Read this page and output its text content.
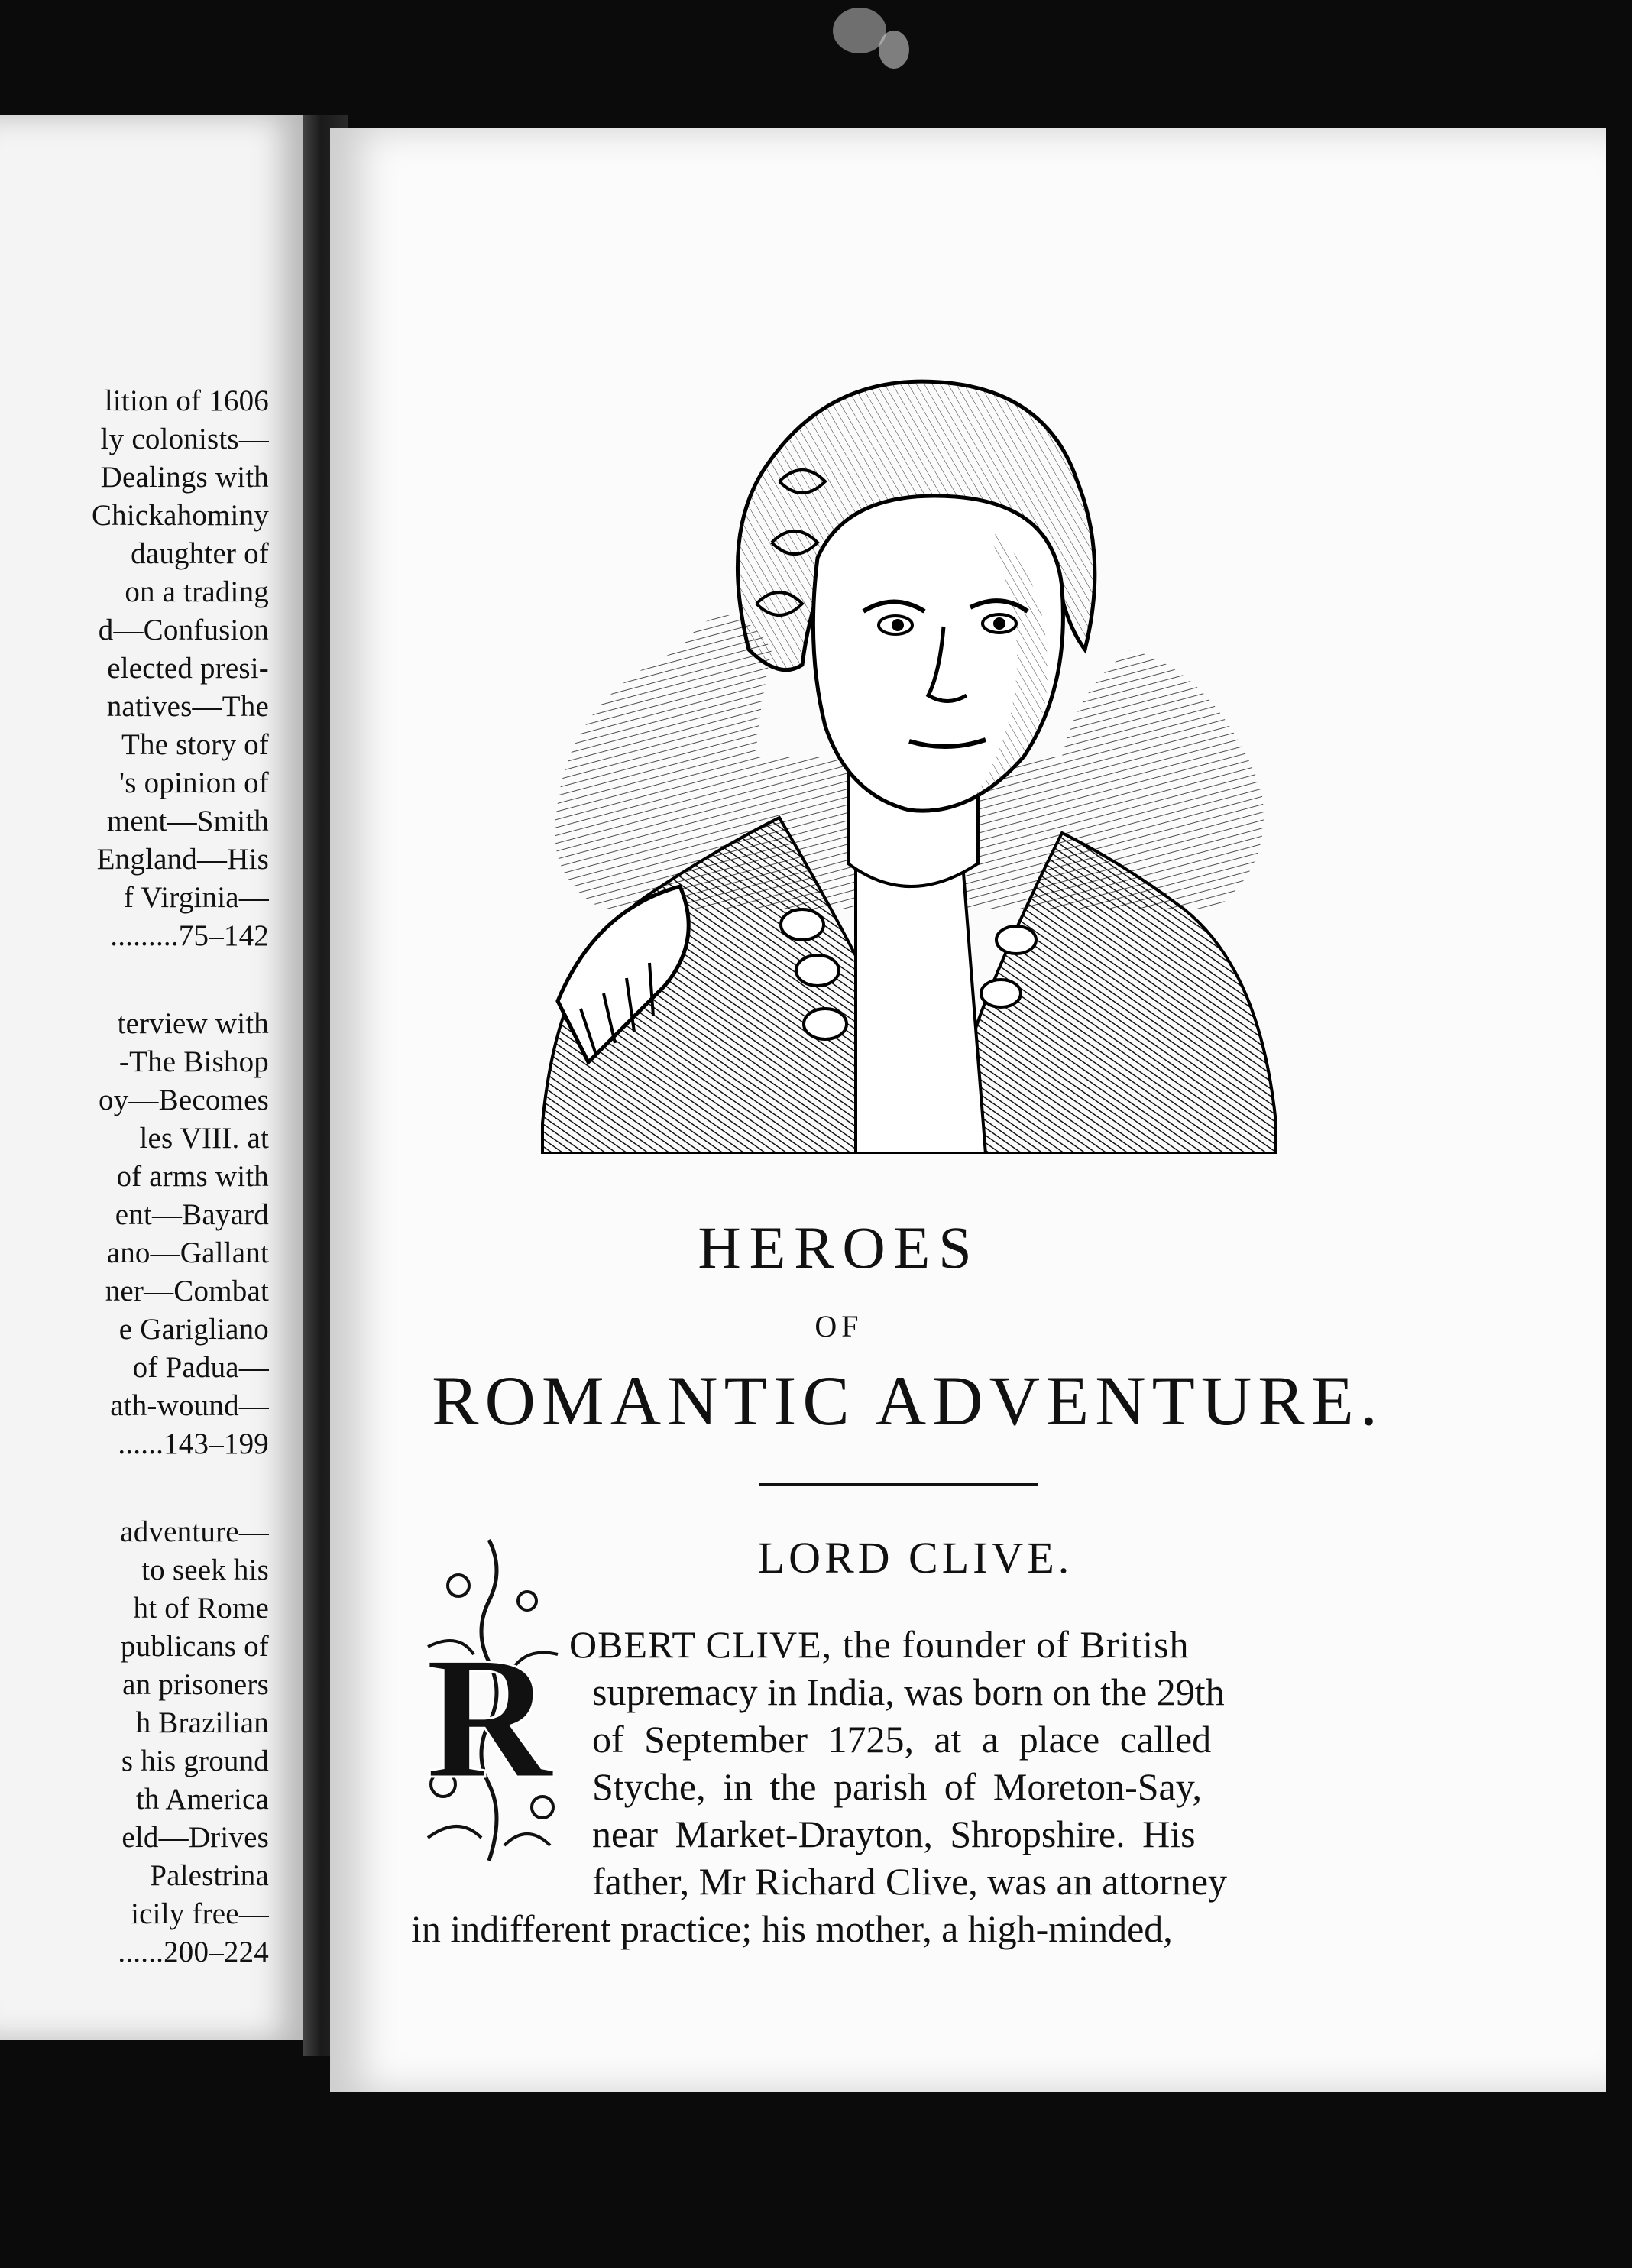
lition of 1606
ly colonists—
Dealings with
Chickahominy
daughter of
on a trading
d—Confusion
elected presi-
natives—The
The story of
's opinion of
ment—Smith
England—His
f Virginia—
.........75–142
terview with
-The Bishop
oy—Becomes
les VIII. at
of arms with
ent—Bayard
ano—Gallant
ner—Combat
e Garigliano
of Padua—
ath-wound—
......143–199
adventure—
to seek his
ht of Rome
publicans of
an prisoners
h Brazilian
s his ground
th America
eld—Drives
Palestrina
icily free—
......200–224
HEROES
OF
ROMANTIC ADVENTURE.
LORD CLIVE.
R OBERT CLIVE, the founder of British
supremacy in India, was born on the 29th
of September 1725, at a place called
Styche, in the parish of Moreton-Say,
near Market-Drayton, Shropshire. His
father, Mr Richard Clive, was an attorney
in indifferent practice; his mother, a high-minded,
